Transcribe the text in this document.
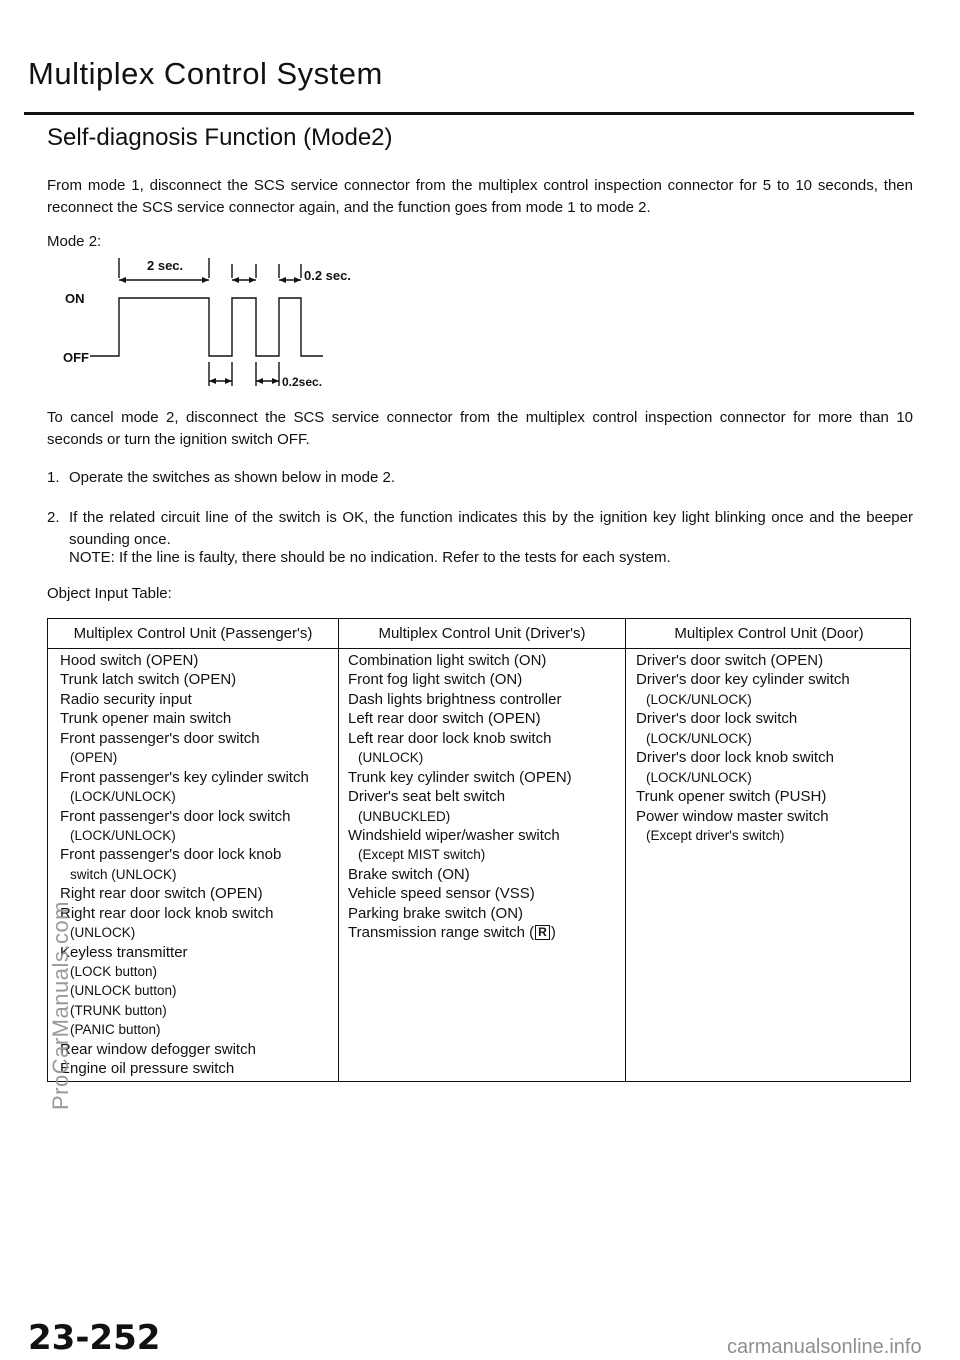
Multiplex Control System
Self-diagnosis Function (Mode2)
From mode 1, disconnect the SCS service connector from the multiplex control inspection connector for 5 to 10 seconds, then reconnect the SCS service connector again, and the function goes from mode 1 to mode 2.
Mode 2:
ON
OFF
2 sec.
0.2 sec.
0.2sec.
To cancel mode 2, disconnect the SCS service connector from the multiplex control inspection connector for more than 10 seconds or turn the ignition switch OFF.
1. Operate the switches as shown below in mode 2.
2. If the related circuit line of the switch is OK, the function indicates this by the ignition key light blinking once and the beeper sounding once.
NOTE: If the line is faulty, there should be no indication. Refer to the tests for each system.
Object Input Table:
Multiplex Control Unit (Passenger's)
Hood switch (OPEN)
Trunk latch switch (OPEN)
Radio security input
Trunk opener main switch
Front passenger's door switch
(OPEN)
Front passenger's key cylinder switch
(LOCK/UNLOCK)
Front passenger's door lock switch
(LOCK/UNLOCK)
Front passenger's door lock knob
switch (UNLOCK)
Right rear door switch (OPEN)
Right rear door lock knob switch
(UNLOCK)
Keyless transmitter
(LOCK button)
(UNLOCK button)
(TRUNK button)
(PANIC button)
Rear window defogger switch
Engine oil pressure switch
Multiplex Control Unit (Driver's)
Combination light switch (ON)
Front fog light switch (ON)
Dash lights brightness controller
Left rear door switch (OPEN)
Left rear door lock knob switch
(UNLOCK)
Trunk key cylinder switch (OPEN)
Driver's seat belt switch
(UNBUCKLED)
Windshield wiper/washer switch
(Except MIST switch)
Brake switch (ON)
Vehicle speed sensor (VSS)
Parking brake switch (ON)
Transmission range switch ( R )
Multiplex Control Unit (Door)
Driver's door switch (OPEN)
Driver's door key cylinder switch
(LOCK/UNLOCK)
Driver's door lock switch
(LOCK/UNLOCK)
Driver's door lock knob switch
(LOCK/UNLOCK)
Trunk opener switch (PUSH)
Power window master switch
(Except driver's switch)
ProCarManuals.com
23-252	carmanualsonline.info
